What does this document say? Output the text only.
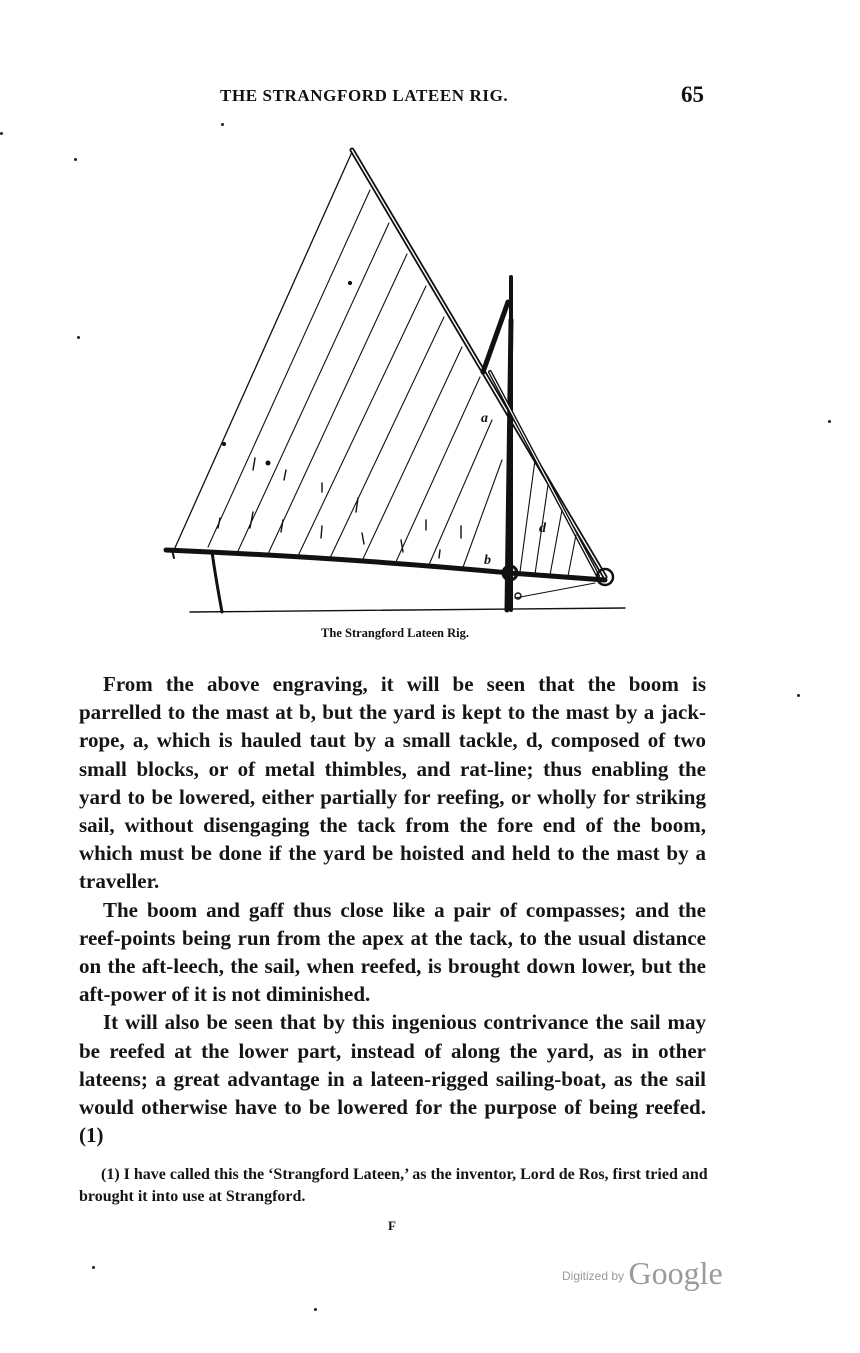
THE STRANGFORD LATEEN RIG.	65
a
b
d
The Strangford Lateen Rig.

From the above engraving, it will be seen that the boom is parrelled to the mast at b, but the yard is kept to the mast by a jack-rope, a, which is hauled taut by a small tackle, d, composed of two small blocks, or of metal thimbles, and rat-line; thus enabling the yard to be lowered, either partially for reefing, or wholly for striking sail, without disengaging the tack from the fore end of the boom, which must be done if the yard be hoisted and held to the mast by a traveller.

The boom and gaff thus close like a pair of compasses; and the reef-points being run from the apex at the tack, to the usual distance on the aft-leech, the sail, when reefed, is brought down lower, but the aft-power of it is not diminished.

It will also be seen that by this ingenious contrivance the sail may be reefed at the lower part, instead of along the yard, as in other lateens; a great advantage in a lateen-rigged sailing-boat, as the sail would otherwise have to be lowered for the purpose of being reefed. (1)

(1) I have called this the ‘Strangford Lateen,’ as the inventor, Lord de Ros, first tried and brought it into use at Strangford.
F
$^{Digitized by}$ Google
